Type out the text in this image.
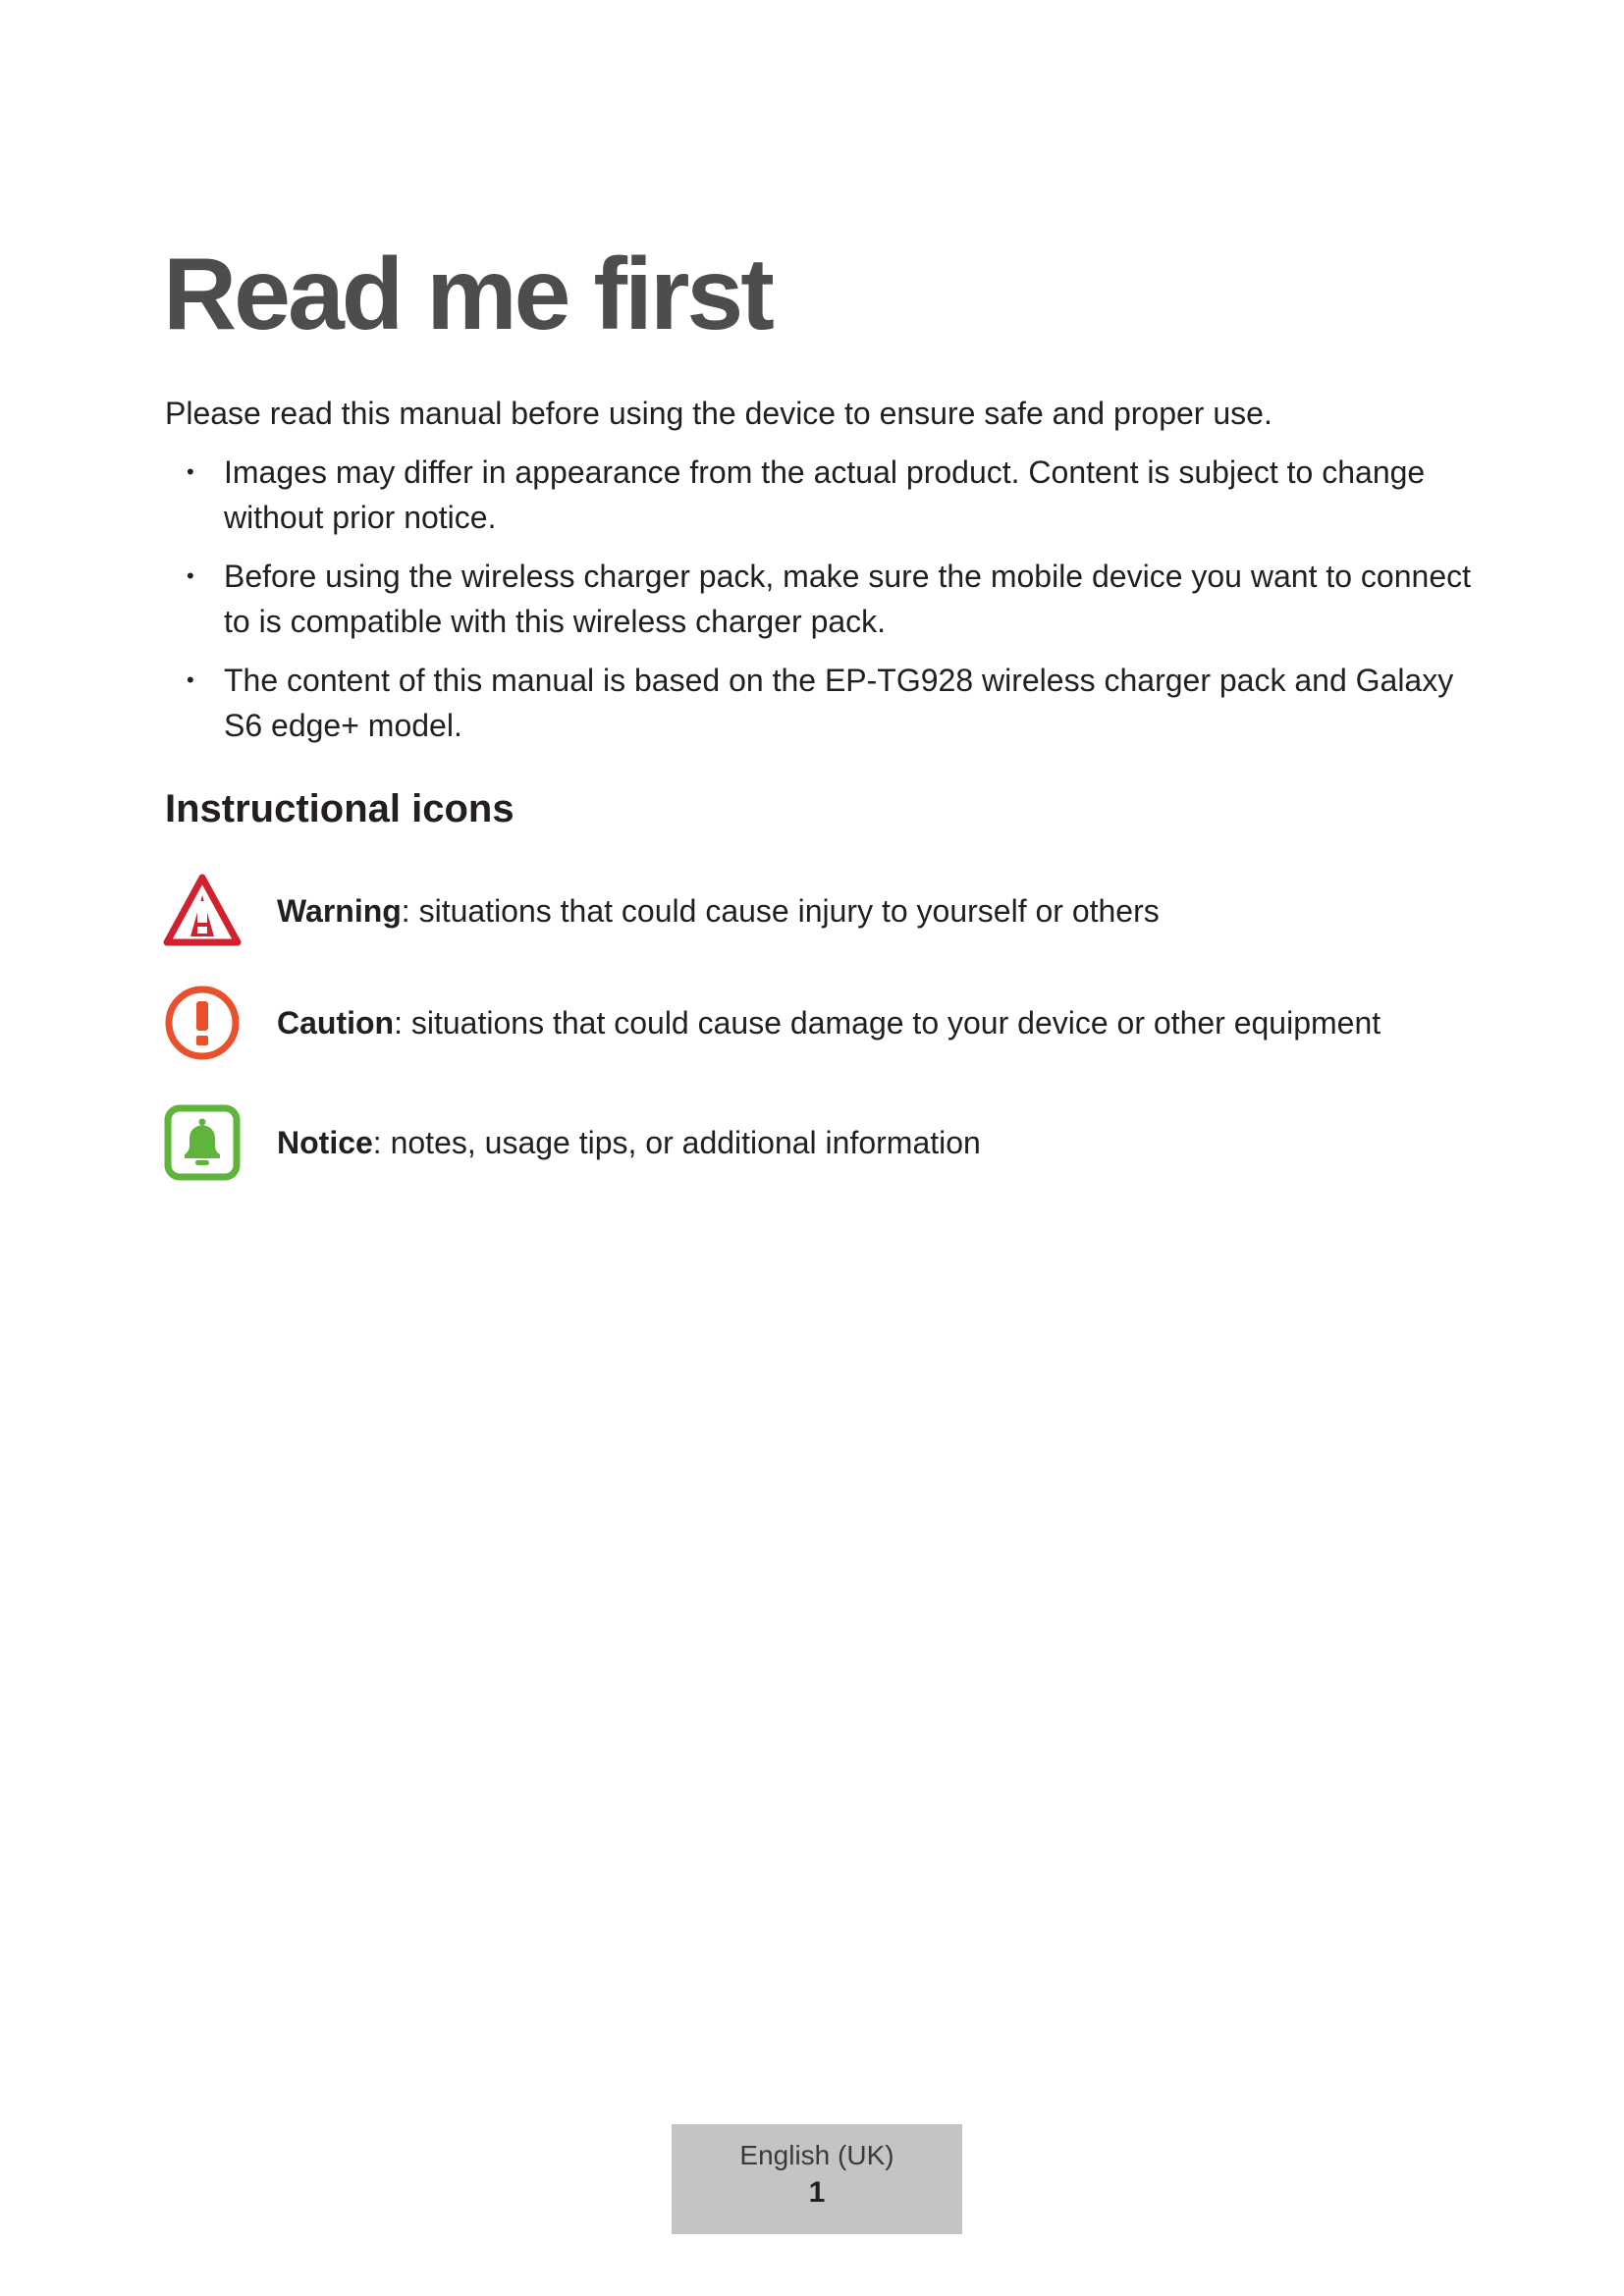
Read me first

Please read this manual before using the device to ensure safe and proper use.

• Images may differ in appearance from the actual product. Content is subject to change without prior notice.
• Before using the wireless charger pack, make sure the mobile device you want to connect to is compatible with this wireless charger pack.
• The content of this manual is based on the EP-TG928 wireless charger pack and Galaxy S6 edge+ model.
Instructional icons
Warning: situations that could cause injury to yourself or others
Caution: situations that could cause damage to your device or other equipment
Notice: notes, usage tips, or additional information
English (UK)
1
